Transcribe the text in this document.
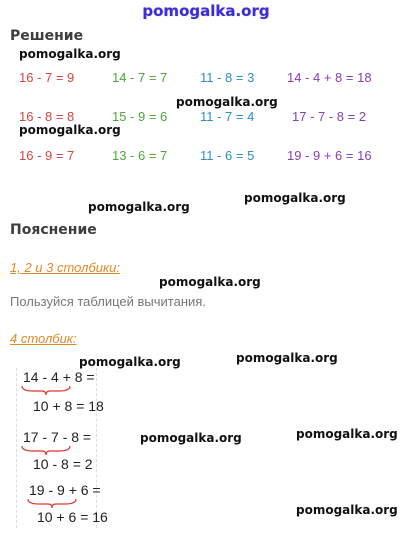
pomogalka.org
Решение
16 - 7 = 9	14 - 7 = 7	11 - 8 = 3	14 - 4 + 8 = 18
16 - 8 = 8	15 - 9 = 6	11 - 7 = 4	17 - 7 - 8 = 2
16 - 9 = 7	13 - 6 = 7	11 - 6 = 5	19 - 9 + 6 = 16
Пояснение
1, 2 и 3 столбики:
Пользуйся таблицей вычитания.
4 столбик:
14 - 4 + 8 =
10 + 8 = 18
17 - 7 - 8 =
10 - 8 = 2
19 - 9 + 6 =
10 + 6 = 16
pomogalka.org
pomogalka.org
pomogalka.org
pomogalka.org
pomogalka.org
pomogalka.org
pomogalka.org	pomogalka.org
pomogalka.org	pomogalka.org
pomogalka.org
